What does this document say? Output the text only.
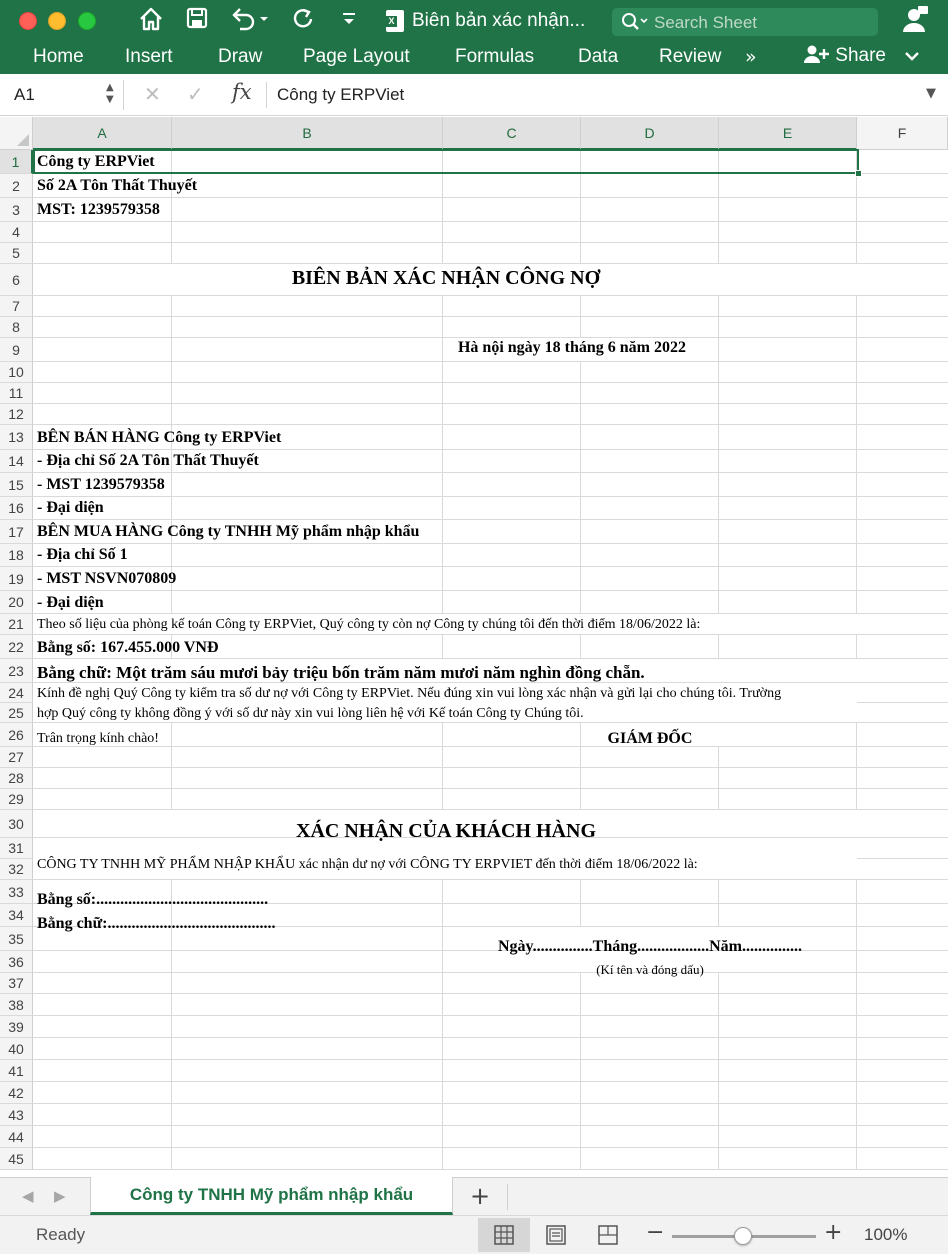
X Biên bản xác nhận...	Search Sheet
Home Insert Draw Page Layout Formulas Data Review »	Share
A1	▲
▼ ✕ ✓ fx Công ty ERPViet	▼
A	B	C	D	E	F
1
2
3
4
5
6
7
8
9
10
11
12
13
14
15
16
17
18
19
20
21
22
23
24
25
26
27
28
29
30
31
32
33
34
35
36
37
38
39
40
41
42
43
44
45
Công ty ERPViet
Số 2A Tôn Thất Thuyết
MST: 1239579358
BIÊN BẢN XÁC NHẬN CÔNG NỢ
Hà nội ngày 18 tháng 6 năm 2022
BÊN BÁN HÀNG Công ty ERPViet
- Địa chỉ Số 2A Tôn Thất Thuyết
- MST 1239579358
- Đại diện
BÊN MUA HÀNG Công ty TNHH Mỹ phẩm nhập khẩu
- Địa chỉ Số 1
- MST NSVN070809
- Đại diện
Theo số liệu của phòng kế toán Công ty ERPViet, Quý công ty còn nợ Công ty chúng tôi đến thời điểm 18/06/2022 là:
Bằng số: 167.455.000 VNĐ
Bằng chữ: Một trăm sáu mươi bảy triệu bốn trăm năm mươi năm nghìn đồng chẵn.
Kính đề nghị Quý Công ty kiểm tra số dư nợ với Công ty ERPViet. Nếu đúng xin vui lòng xác nhận và gửi lại cho chúng tôi. Trường
hợp Quý công ty không đồng ý với số dư này xin vui lòng liên hệ với Kế toán Công ty Chúng tôi.
Trân trọng kính chào!	GIÁM ĐỐC
XÁC NHẬN CỦA KHÁCH HÀNG
CÔNG TY TNHH MỸ PHẨM NHẬP KHẨU xác nhận dư nợ với CÔNG TY ERPVIET đến thời điểm 18/06/2022 là:
Bằng số:...........................................
Bằng chữ:..........................................
Ngày...............Tháng..................Năm...............
(Kí tên và đóng dấu)
◀ ▶	Công ty TNHH Mỹ phẩm nhập khẩu	+
Ready	−	+ 100%
